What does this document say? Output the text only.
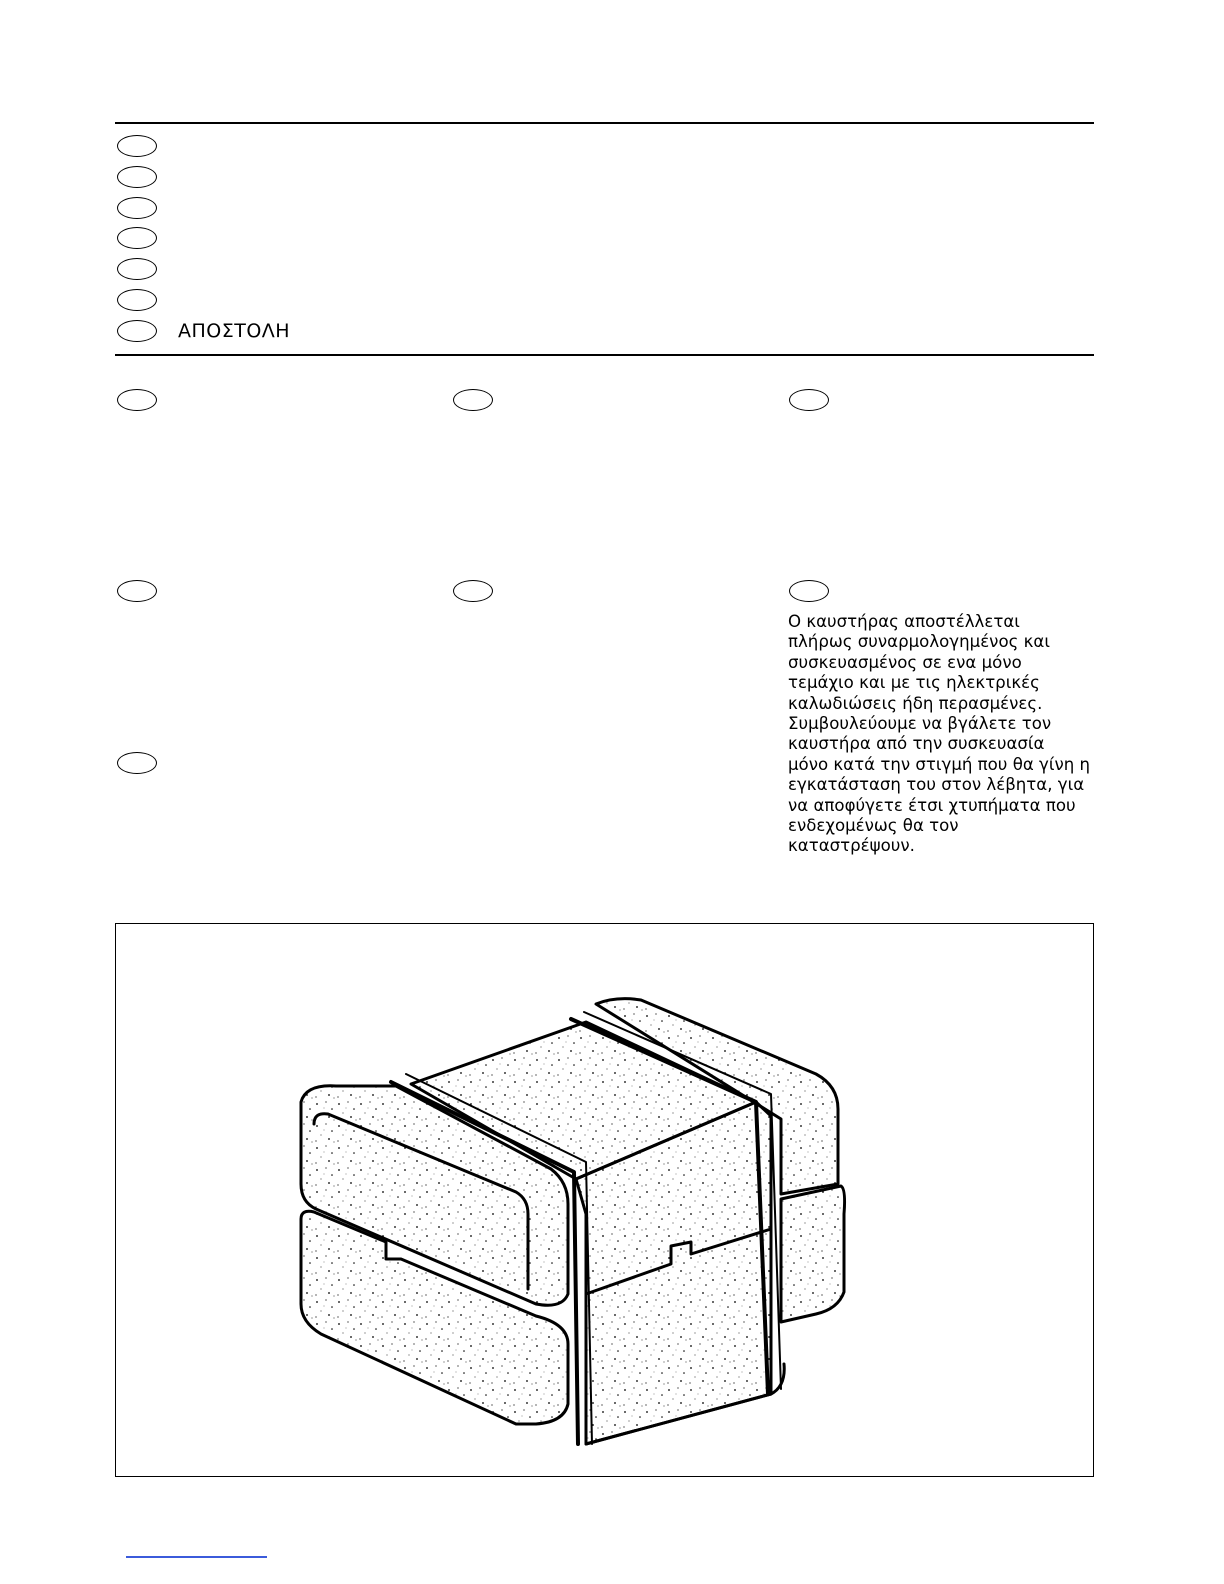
ΑΠΟΣΤΟΛΗ
Ο καυστήρας αποστέλλεται
πλήρως συναρμολογημένος και
συσκευασμένος σε ενα μόνο
τεμάχιο και με τις ηλεκτρικές
καλωδιώσεις ήδη περασμένες.
Συμβουλεύουμε να βγάλετε τον
καυστήρα από την συσκευασία
μόνο κατά την στιγμή που θα γίνη η
εγκατάσταση του στον λέβητα, για
να αποφύγετε έτσι χτυπήματα που
ενδεχομένως θα τον
καταστρέψουν.
